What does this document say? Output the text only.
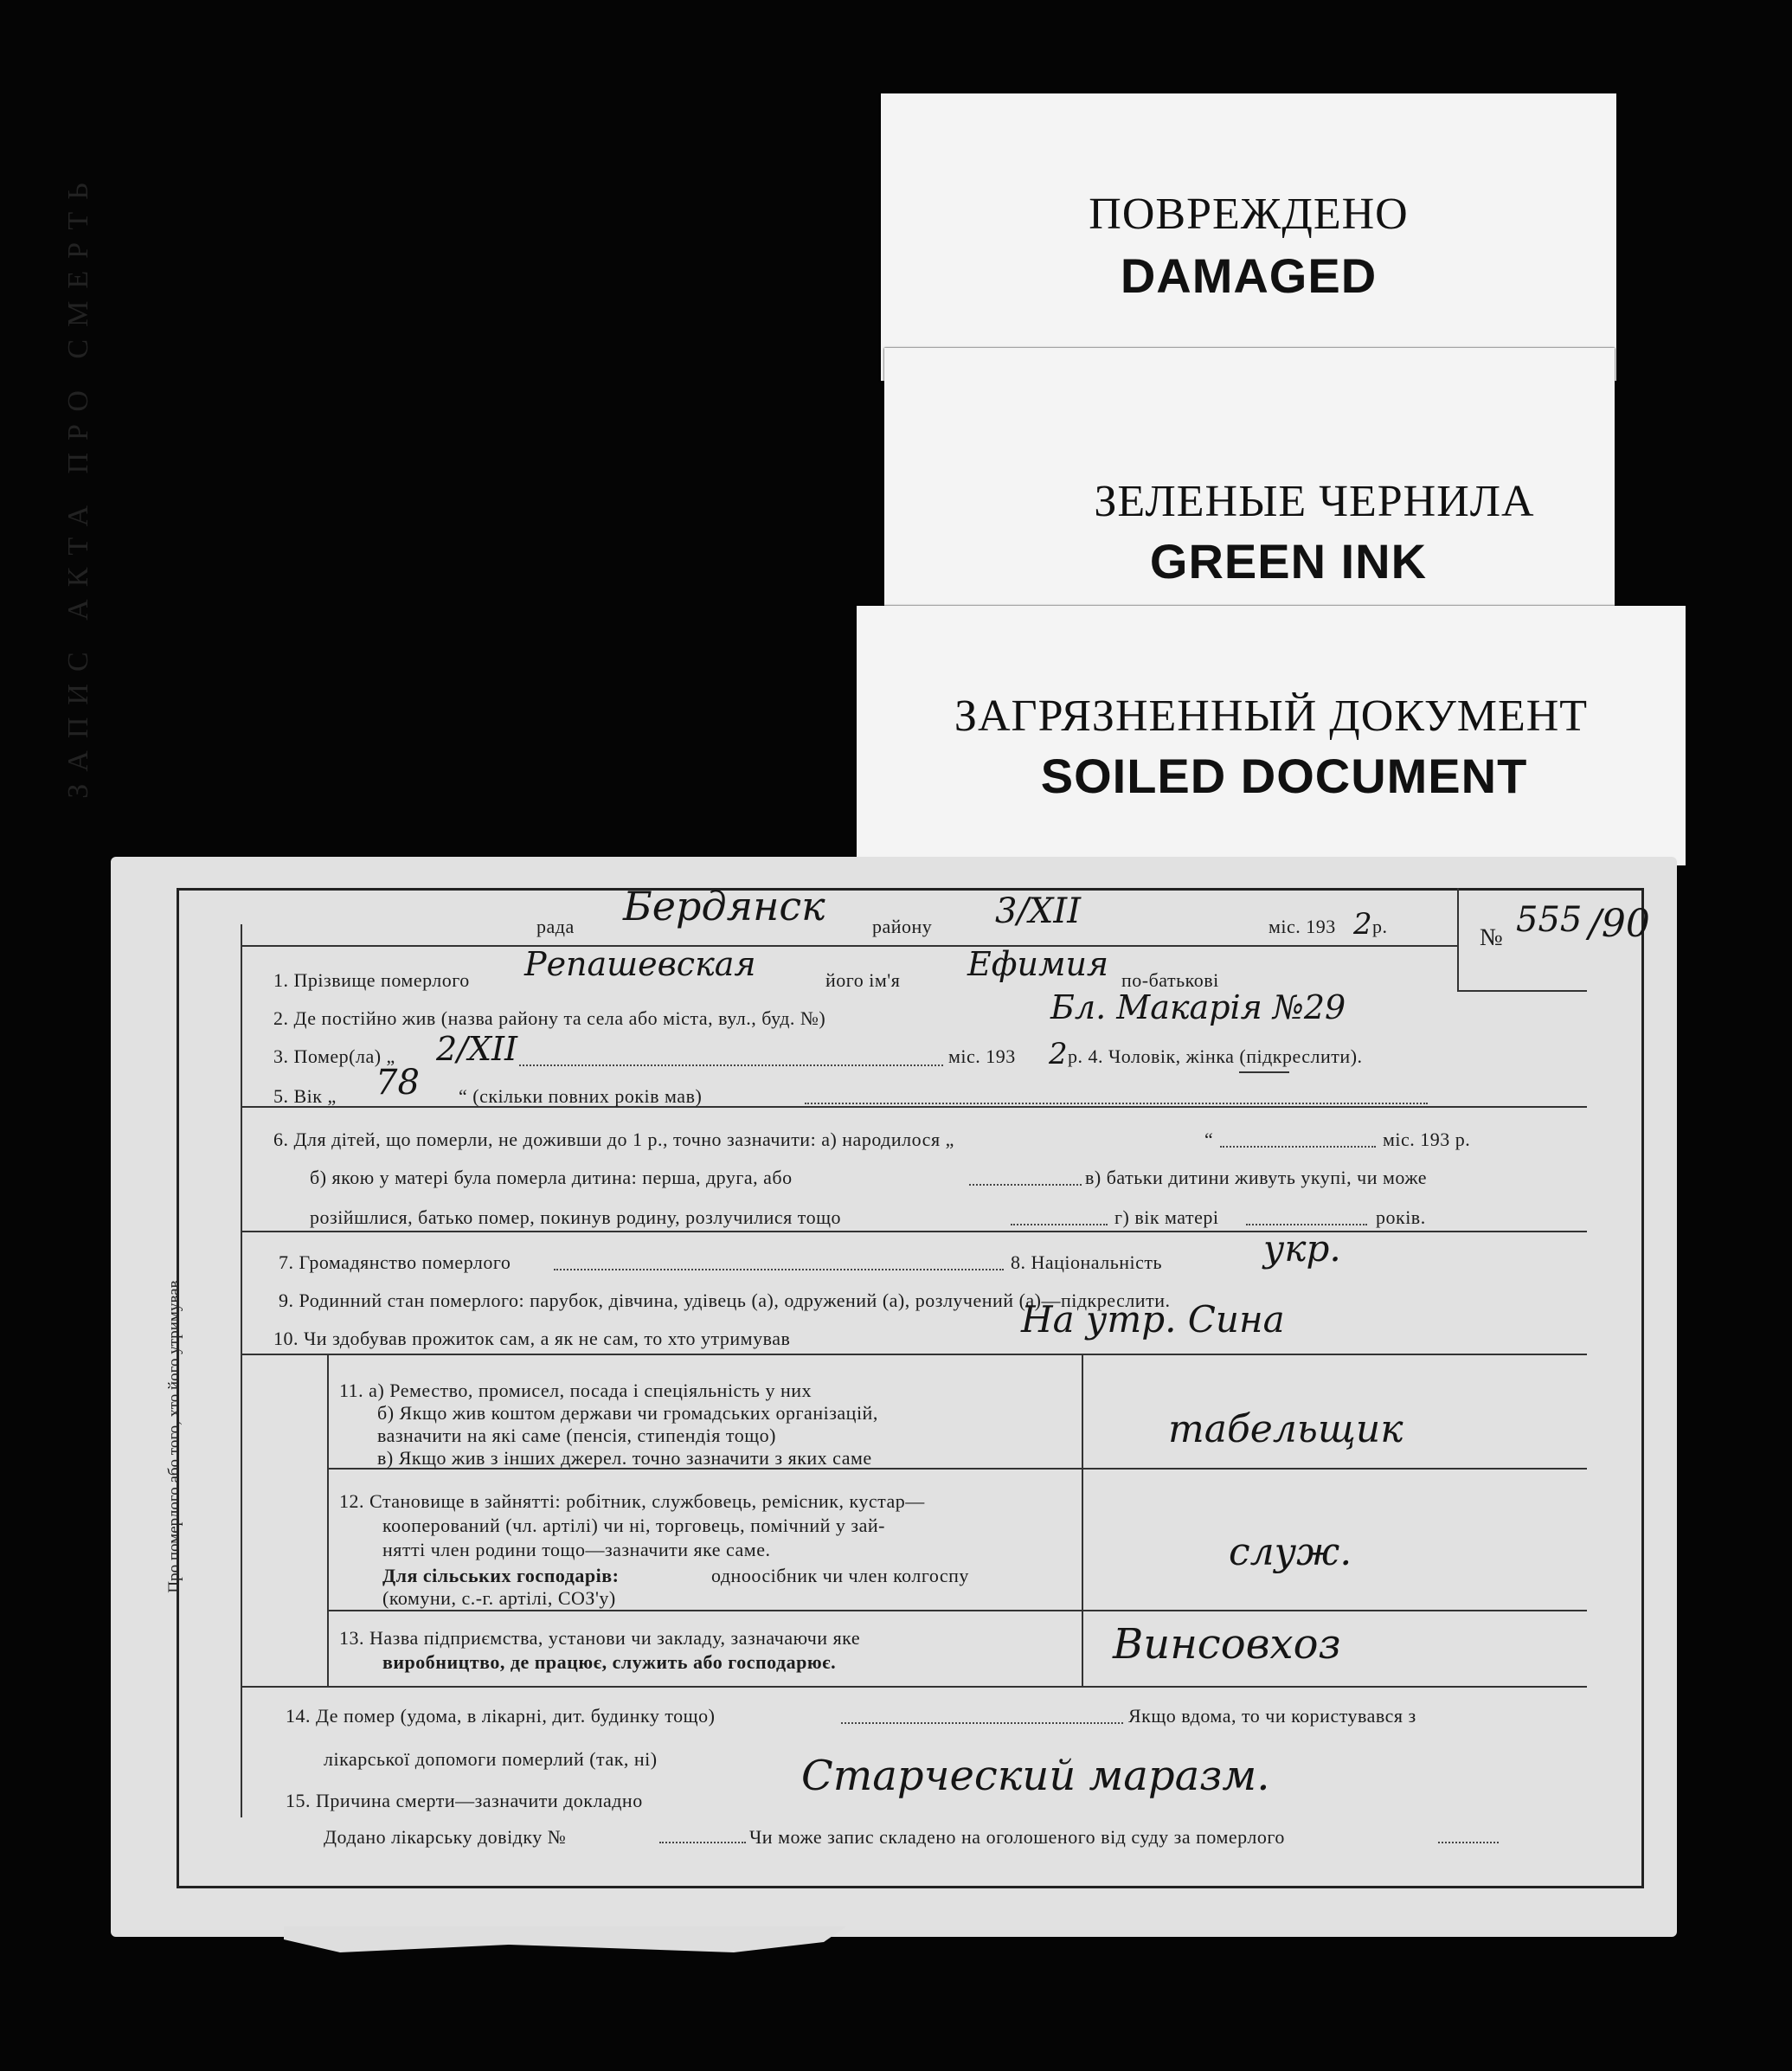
ПОВРЕЖДЕНО
DAMAGED
ЗЕЛЕНЫЕ ЧЕРНИЛА
GREEN INK
ЗАГРЯЗНЕННЫЙ ДОКУМЕНТ
SOILED DOCUMENT
ЗАПИС АКТА ПРО СМЕРТЬ
Про померлого або того, хто його утримував
рада Бердянск району 3/XII	міс. 193 2 р.	№ 555 /90
1. Прізвище померлого Репашевская	його ім'я Ефимия по-батькові
2. Де постійно жив (назва району та села або міста, вул., буд. №)	Бл. Макарія №29
3. Помер(ла) „ 2/XII	міс. 193 2 р. 4. Чоловік, жінка (підкреслити).
5. Вік „ 78 “ (скільки повних років мав)
6. Для дітей, що померли, не доживши до 1 р., точно зазначити: а) народилося „	“	міс. 193 р.
б) якою у матері була померла дитина: перша, друга, або	в) батьки дитини живуть укупі, чи може
розійшлися, батько помер, покинув родину, розлучилися тощо	г) вік матері	років.
7. Громадянство померлого	8. Національність	укр.
9. Родинний стан померлого: парубок, дівчина, удівець (а), одружений (а), розлучений (а)—підкреслити.
10. Чи здобував прожиток сам, а як не сам, то хто утримував	На утр. Сина
11. а) Ремество, промисел, посада і спеціяльність у них
б) Якщо жив коштом держави чи громадських організацій,
вазначити на які саме (пенсія, стипендія тощо)
в) Якщо жив з інших джерел. точно зазначити з яких саме
табельщик
12. Становище в зайнятті: робітник, службовець, ремісник, кустар—
кооперований (чл. артілі) чи ні, торговець, помічний у зай-
нятті член родини тощо—зазначити яке саме.
Для сільських господарів:	одноосібник чи член колгоспу
(комуни, с.-г. артілі, СОЗ'у)
служ.
13. Назва підприємства, установи чи закладу, зазначаючи яке
виробництво, де працює, служить або господарює.	Винсовхоз
14. Де помер (удома, в лікарні, дит. будинку тощо)	Якщо вдома, то чи користувався з
лікарської допомоги померлий (так, ні)
15. Причина смерти—зазначити докладно
Старческий маразм.
Додано лікарську довідку №	Чи може запис складено на оголошеного від суду за померлого
